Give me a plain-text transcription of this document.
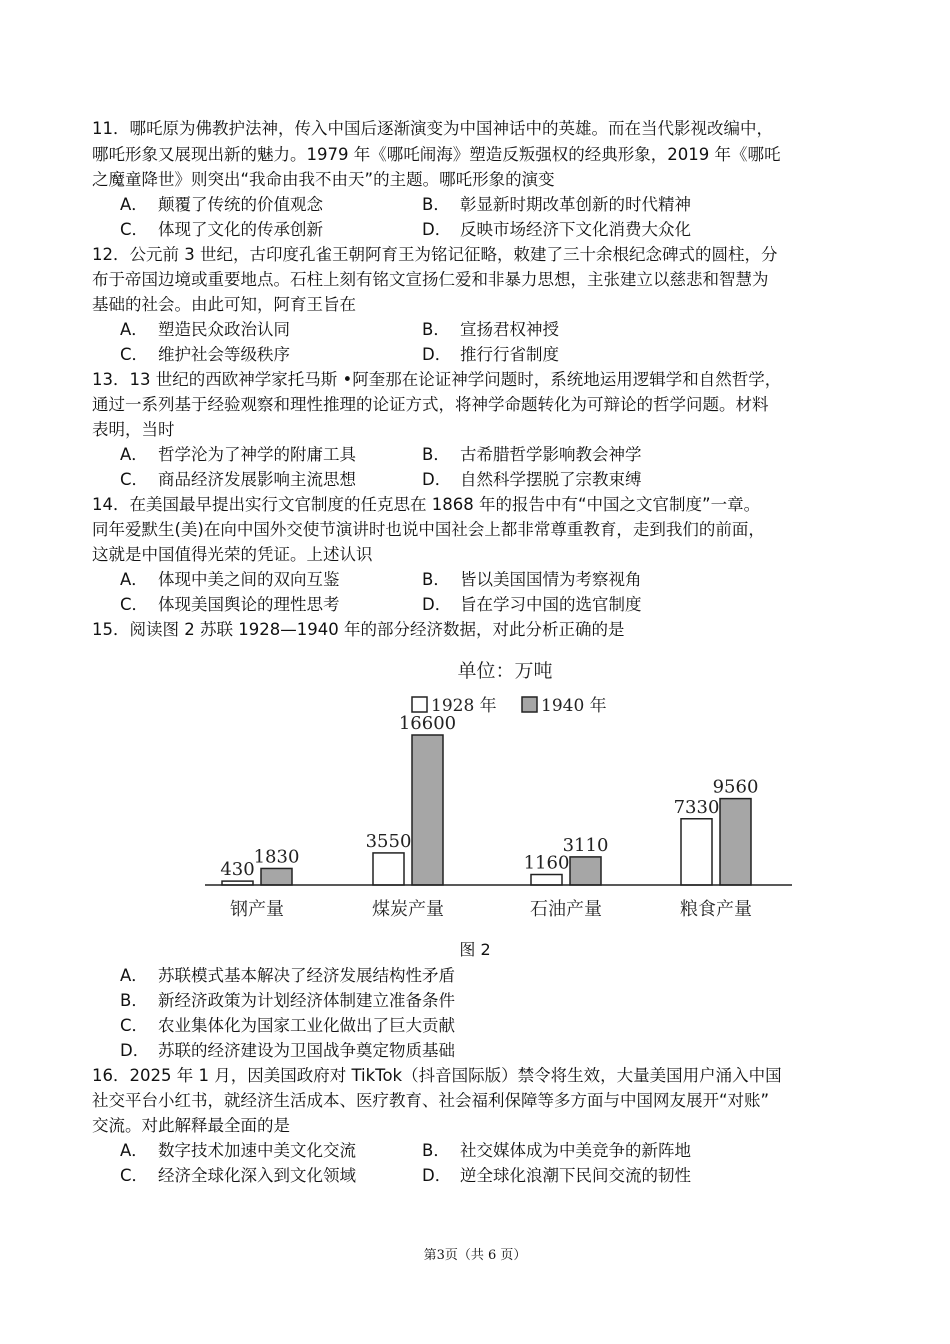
11．哪吒原为佛教护法神，传入中国后逐渐演变为中国神话中的英雄。而在当代影视改编中，
哪吒形象又展现出新的魅力。1979 年《哪吒闹海》塑造反叛强权的经典形象，2019 年《哪吒
之魔童降世》则突出“我命由我不由天”的主题。哪吒形象的演变
A． 颠覆了传统的价值观念	B． 彰显新时期改革创新的时代精神
C． 体现了文化的传承创新	D． 反映市场经济下文化消费大众化
12．公元前 3 世纪，古印度孔雀王朝阿育王为铭记征略，敕建了三十余根纪念碑式的圆柱，分
布于帝国边境或重要地点。石柱上刻有铭文宣扬仁爱和非暴力思想，主张建立以慈悲和智慧为
基础的社会。由此可知，阿育王旨在
A． 塑造民众政治认同	B． 宣扬君权神授
C． 维护社会等级秩序	D． 推行行省制度
13．13 世纪的西欧神学家托马斯 •阿奎那在论证神学问题时，系统地运用逻辑学和自然哲学，
通过一系列基于经验观察和理性推理的论证方式，将神学命题转化为可辩论的哲学问题。材料
表明，当时
A． 哲学沦为了神学的附庸工具	B． 古希腊哲学影响教会神学
C． 商品经济发展影响主流思想	D． 自然科学摆脱了宗教束缚
14．在美国最早提出实行文官制度的任克思在 1868 年的报告中有“中国之文官制度”一章。
同年爱默生(美)在向中国外交使节演讲时也说中国社会上都非常尊重教育，走到我们的前面，
这就是中国值得光荣的凭证。上述认识
A． 体现中美之间的双向互鉴	B． 皆以美国国情为考察视角
C． 体现美国舆论的理性思考	D． 旨在学习中国的选官制度
15．阅读图 2 苏联 1928—1940 年的部分经济数据，对此分析正确的是
单位：万吨
1928 年	1940 年
430
1830
3550
16600
1160
3110
7330
9560
钢产量	煤炭产量	石油产量	粮食产量
图 2
A． 苏联模式基本解决了经济发展结构性矛盾
B． 新经济政策为计划经济体制建立准备条件
C． 农业集体化为国家工业化做出了巨大贡献
D． 苏联的经济建设为卫国战争奠定物质基础
16．2025 年 1 月，因美国政府对 TikTok（抖音国际版）禁令将生效，大量美国用户涌入中国
社交平台小红书，就经济生活成本、医疗教育、社会福利保障等多方面与中国网友展开“对账”
交流。对此解释最全面的是
A． 数字技术加速中美文化交流	B． 社交媒体成为中美竞争的新阵地
C． 经济全球化深入到文化领域	D． 逆全球化浪潮下民间交流的韧性
第3页（共 6 页）
